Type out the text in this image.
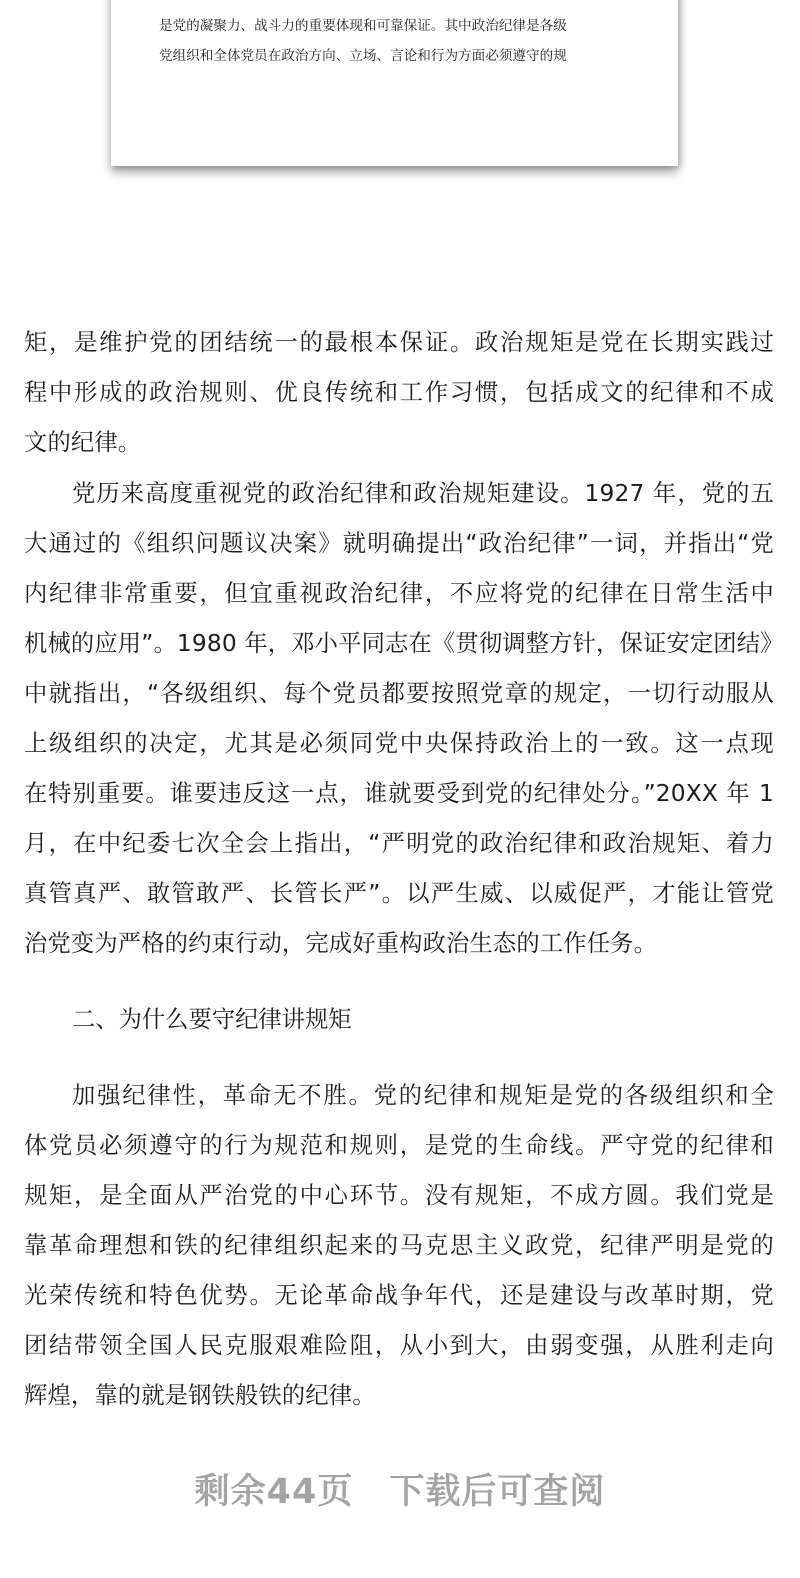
是党的凝聚力、战斗力的重要体现和可靠保证。其中政治纪律是各级
党组织和全体党员在政治方向、立场、言论和行为方面必须遵守的规
矩，是维护党的团结统一的最根本保证。政治规矩是党在长期实践过
程中形成的政治规则、优良传统和工作习惯，包括成文的纪律和不成
文的纪律。
党历来高度重视党的政治纪律和政治规矩建设。1927 年，党的五
大通过的《组织问题议决案》就明确提出“政治纪律”一词，并指出“党
内纪律非常重要，但宜重视政治纪律，不应将党的纪律在日常生活中
机械的应用”。1980 年，邓小平同志在《贯彻调整方针，保证安定团结》
中就指出，“各级组织、每个党员都要按照党章的规定，一切行动服从
上级组织的决定，尤其是必须同党中央保持政治上的一致。这一点现
在特别重要。谁要违反这一点，谁就要受到党的纪律处分。”20XX 年 1
月，在中纪委七次全会上指出，“严明党的政治纪律和政治规矩、着力
真管真严、敢管敢严、长管长严”。以严生威、以威促严，才能让管党
治党变为严格的约束行动，完成好重构政治生态的工作任务。
加强纪律性，革命无不胜。党的纪律和规矩是党的各级组织和全
体党员必须遵守的行为规范和规则，是党的生命线。严守党的纪律和
规矩，是全面从严治党的中心环节。没有规矩，不成方圆。我们党是
靠革命理想和铁的纪律组织起来的马克思主义政党，纪律严明是党的
光荣传统和特色优势。无论革命战争年代，还是建设与改革时期，党
团结带领全国人民克服艰难险阻，从小到大，由弱变强，从胜利走向
辉煌，靠的就是钢铁般铁的纪律。
二、为什么要守纪律讲规矩
剩余44页 下载后可查阅
